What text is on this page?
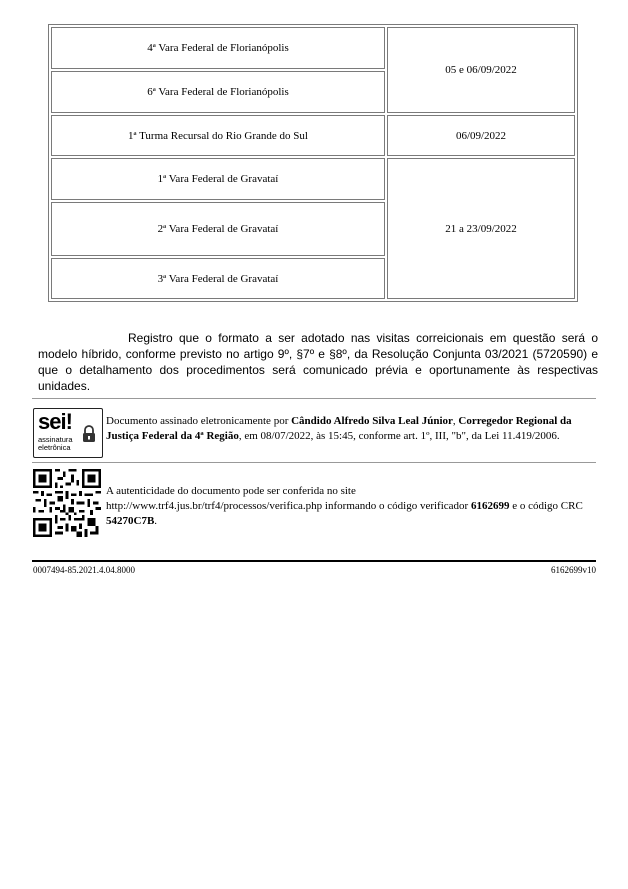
4ª Vara Federal de Florianópolis	05 e 06/09/2022
6ª Vara Federal de Florianópolis	
1ª Turma Recursal do Rio Grande do Sul	06/09/2022
1ª Vara Federal de Gravataí	21 a 23/09/2022
2ª Vara Federal de Gravataí	
3ª Vara Federal de Gravataí	

Registro que o formato a ser adotado nas visitas correicionais em questão será o modelo híbrido, conforme previsto no artigo 9º, §7º e §8º, da Resolução Conjunta 03/2021 (5720590) e que o detalhamento dos procedimentos será comunicado prévia e oportunamente às respectivas unidades.

sei!
assinatura
eletrônica

Documento assinado eletronicamente por Cândido Alfredo Silva Leal Júnior, Corregedor Regional da Justiça Federal da 4ª Região, em 08/07/2022, às 15:45, conforme art. 1º, III, "b", da Lei 11.419/2006.

A autenticidade do documento pode ser conferida no site
http://www.trf4.jus.br/trf4/processos/verifica.php informando o código verificador 6162699 e o código CRC 54270C7B.

0007494-85.2021.4.04.8000	6162699v10
